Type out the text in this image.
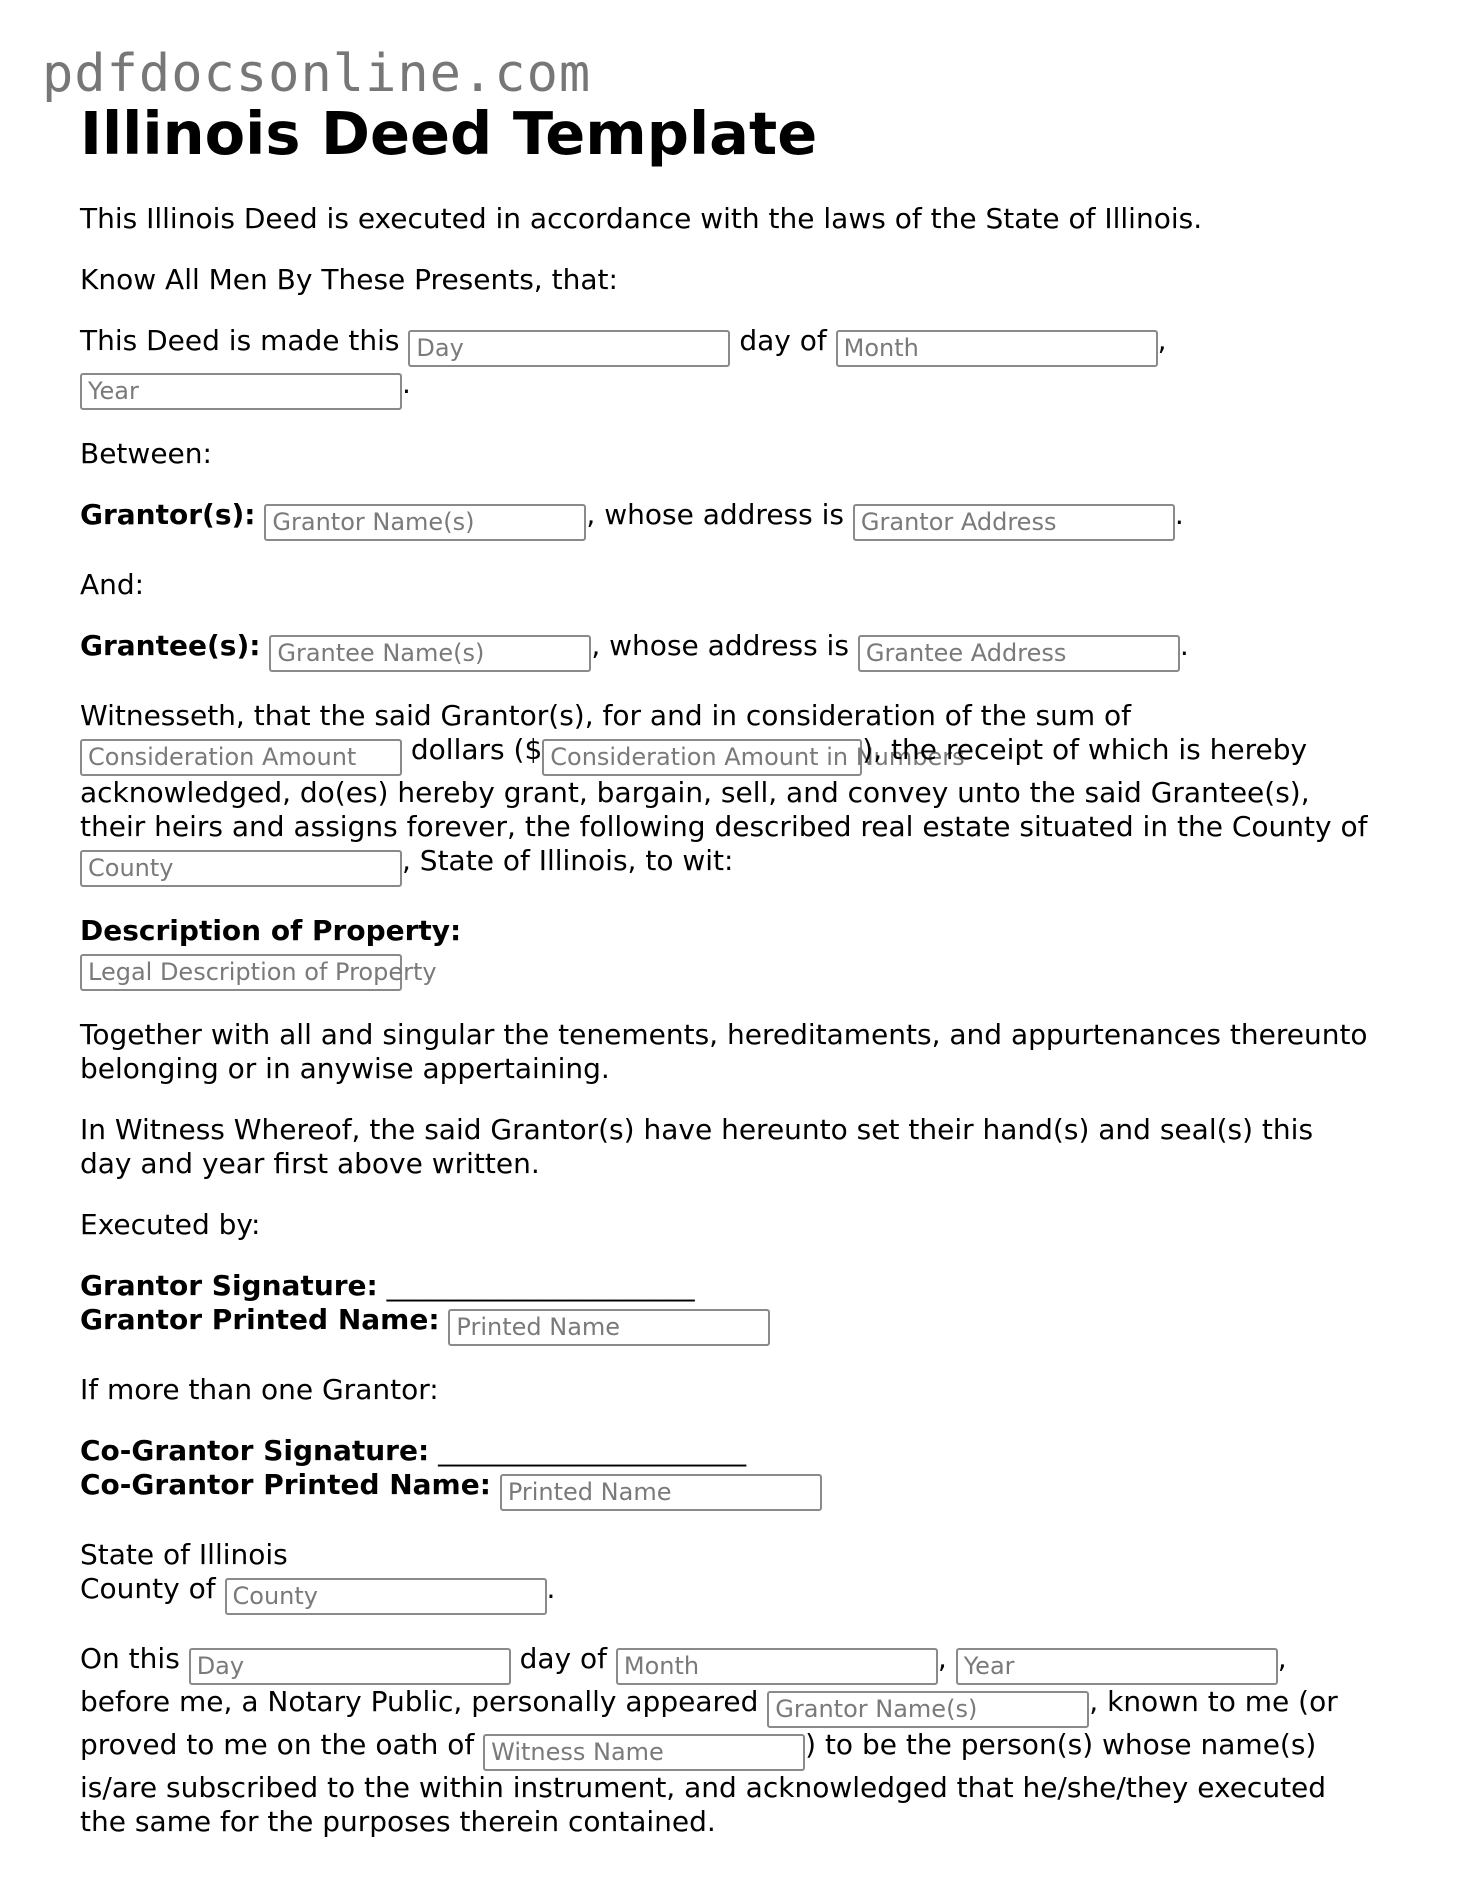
pdfdocsonline.com
Illinois Deed Template

This Illinois Deed is executed in accordance with the laws of the State of Illinois.

Know All Men By These Presents, that:

This Deed is made this Day	day of Month	,
Year	.

Between:

Grantor(s): Grantor Name(s)	, whose address is Grantor Address	.

And:

Grantee(s): Grantee Name(s)	, whose address is Grantee Address	.

Witnesseth, that the said Grantor(s), for and in consideration of the sum of
Consideration Amount dollars ($ Consideration Amount in Numbers), the receipt of which is hereby acknowledged, do(es) hereby grant, bargain, sell, and convey unto the said Grantee(s), their heirs and assigns forever, the following described real estate situated in the County of County	, State of Illinois, to wit:

Description of Property:
Legal Description of Property

Together with all and singular the tenements, hereditaments, and appurtenances thereunto belonging or in anywise appertaining.

In Witness Whereof, the said Grantor(s) have hereunto set their hand(s) and seal(s) this day and year first above written.

Executed by:

Grantor Signature: ______________________
Grantor Printed Name: Printed Name

If more than one Grantor:

Co-Grantor Signature: ______________________
Co-Grantor Printed Name: Printed Name

State of Illinois
County of County	.

On this Day	day of Month	, Year	, before me, a Notary Public, personally appeared Grantor Name(s)	, known to me (or proved to me on the oath of Witness Name	) to be the person(s) whose name(s) is/are subscribed to the within instrument, and acknowledged that he/she/they executed the same for the purposes therein contained.
